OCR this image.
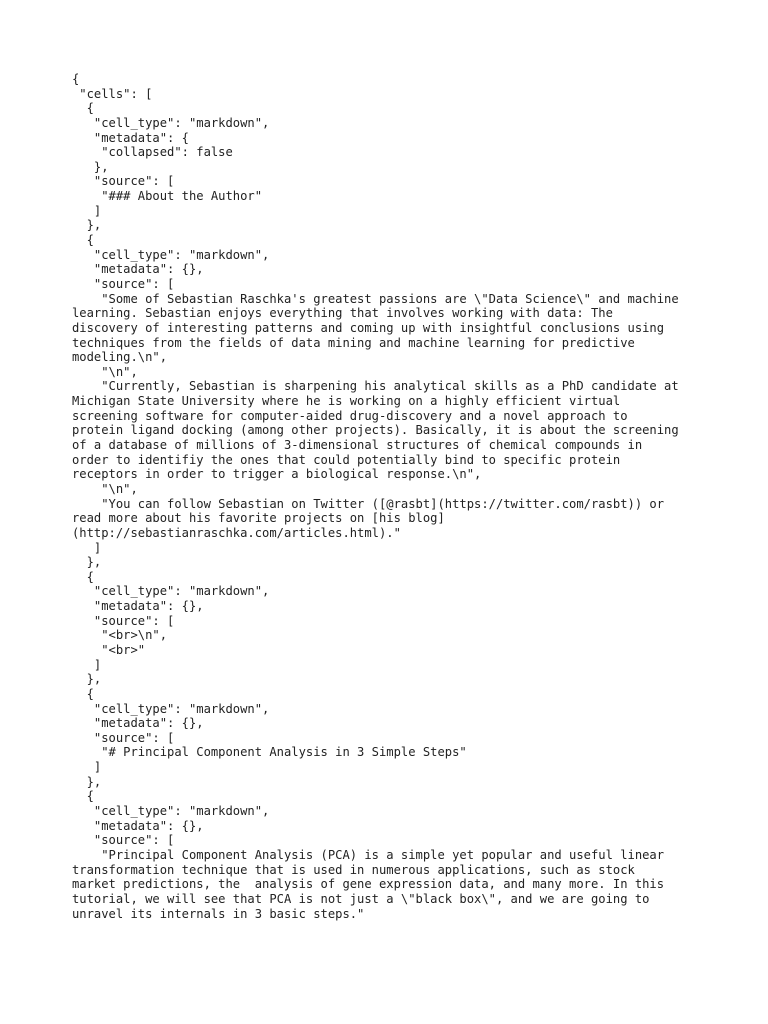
{
"cells": [
{
"cell_type": "markdown",
"metadata": {
"collapsed": false
},
"source": [
"### About the Author"
]
},
{
"cell_type": "markdown",
"metadata": {},
"source": [
"Some of Sebastian Raschka's greatest passions are \"Data Science\" and machine
learning. Sebastian enjoys everything that involves working with data: The
discovery of interesting patterns and coming up with insightful conclusions using
techniques from the fields of data mining and machine learning for predictive
modeling.\n",
"\n",
"Currently, Sebastian is sharpening his analytical skills as a PhD candidate at
Michigan State University where he is working on a highly efficient virtual
screening software for computer-aided drug-discovery and a novel approach to
protein ligand docking (among other projects). Basically, it is about the screening
of a database of millions of 3-dimensional structures of chemical compounds in
order to identifiy the ones that could potentially bind to specific protein
receptors in order to trigger a biological response.\n",
"\n",
"You can follow Sebastian on Twitter ([@rasbt](https://twitter.com/rasbt)) or
read more about his favorite projects on [his blog]
(http://sebastianraschka.com/articles.html)."
]
},
{
"cell_type": "markdown",
"metadata": {},
"source": [
"<br>\n",
"<br>"
]
},
{
"cell_type": "markdown",
"metadata": {},
"source": [
"# Principal Component Analysis in 3 Simple Steps"
]
},
{
"cell_type": "markdown",
"metadata": {},
"source": [
"Principal Component Analysis (PCA) is a simple yet popular and useful linear
transformation technique that is used in numerous applications, such as stock
market predictions, the  analysis of gene expression data, and many more. In this
tutorial, we will see that PCA is not just a \"black box\", and we are going to
unravel its internals in 3 basic steps."
